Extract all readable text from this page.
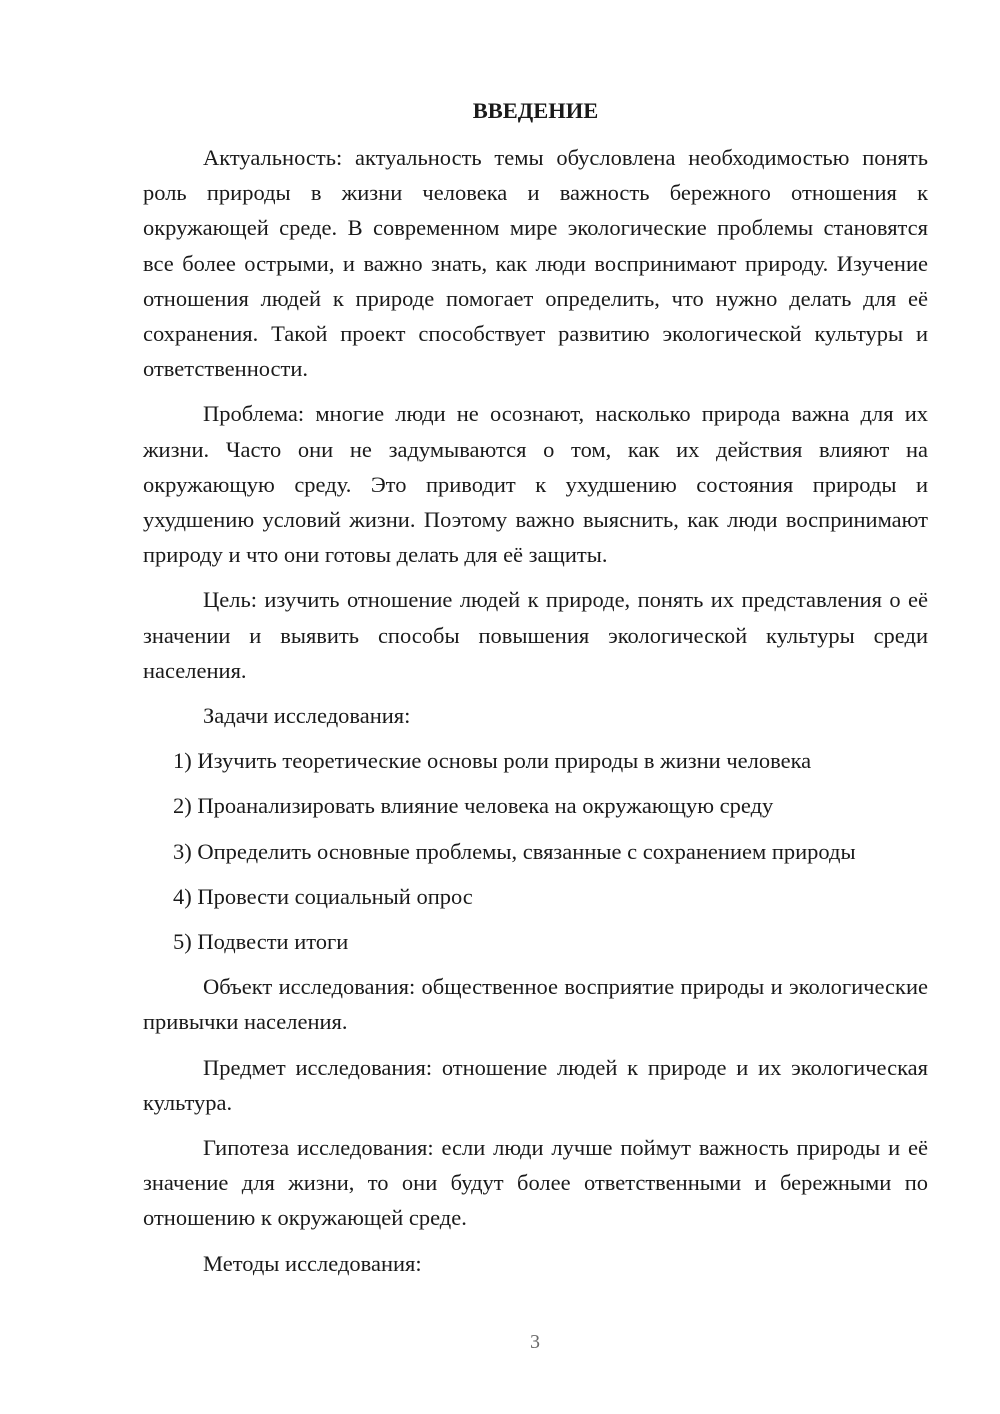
ВВЕДЕНИЕ

Актуальность: актуальность темы обусловлена необходимостью понять роль природы в жизни человека и важность бережного отношения к окружающей среде. В современном мире экологические проблемы становятся все более острыми, и важно знать, как люди воспринимают природу. Изучение отношения людей к природе помогает определить, что нужно делать для её сохранения. Такой проект способствует развитию экологической культуры и ответственности.

Проблема: многие люди не осознают, насколько природа важна для их жизни. Часто они не задумываются о том, как их действия влияют на окружающую среду. Это приводит к ухудшению состояния природы и ухудшению условий жизни. Поэтому важно выяснить, как люди воспринимают природу и что они готовы делать для её защиты.

Цель: изучить отношение людей к природе, понять их представления о её значении и выявить способы повышения экологической культуры среди населения.

Задачи исследования:

1) Изучить теоретические основы роли природы в жизни человека
2) Проанализировать влияние человека на окружающую среду
3) Определить основные проблемы, связанные с сохранением природы
4) Провести социальный опрос
5) Подвести итоги

Объект исследования: общественное восприятие природы и экологические привычки населения.

Предмет исследования: отношение людей к природе и их экологическая культура.

Гипотеза исследования: если люди лучше поймут важность природы и её значение для жизни, то они будут более ответственными и бережными по отношению к окружающей среде.

Методы исследования:

3
